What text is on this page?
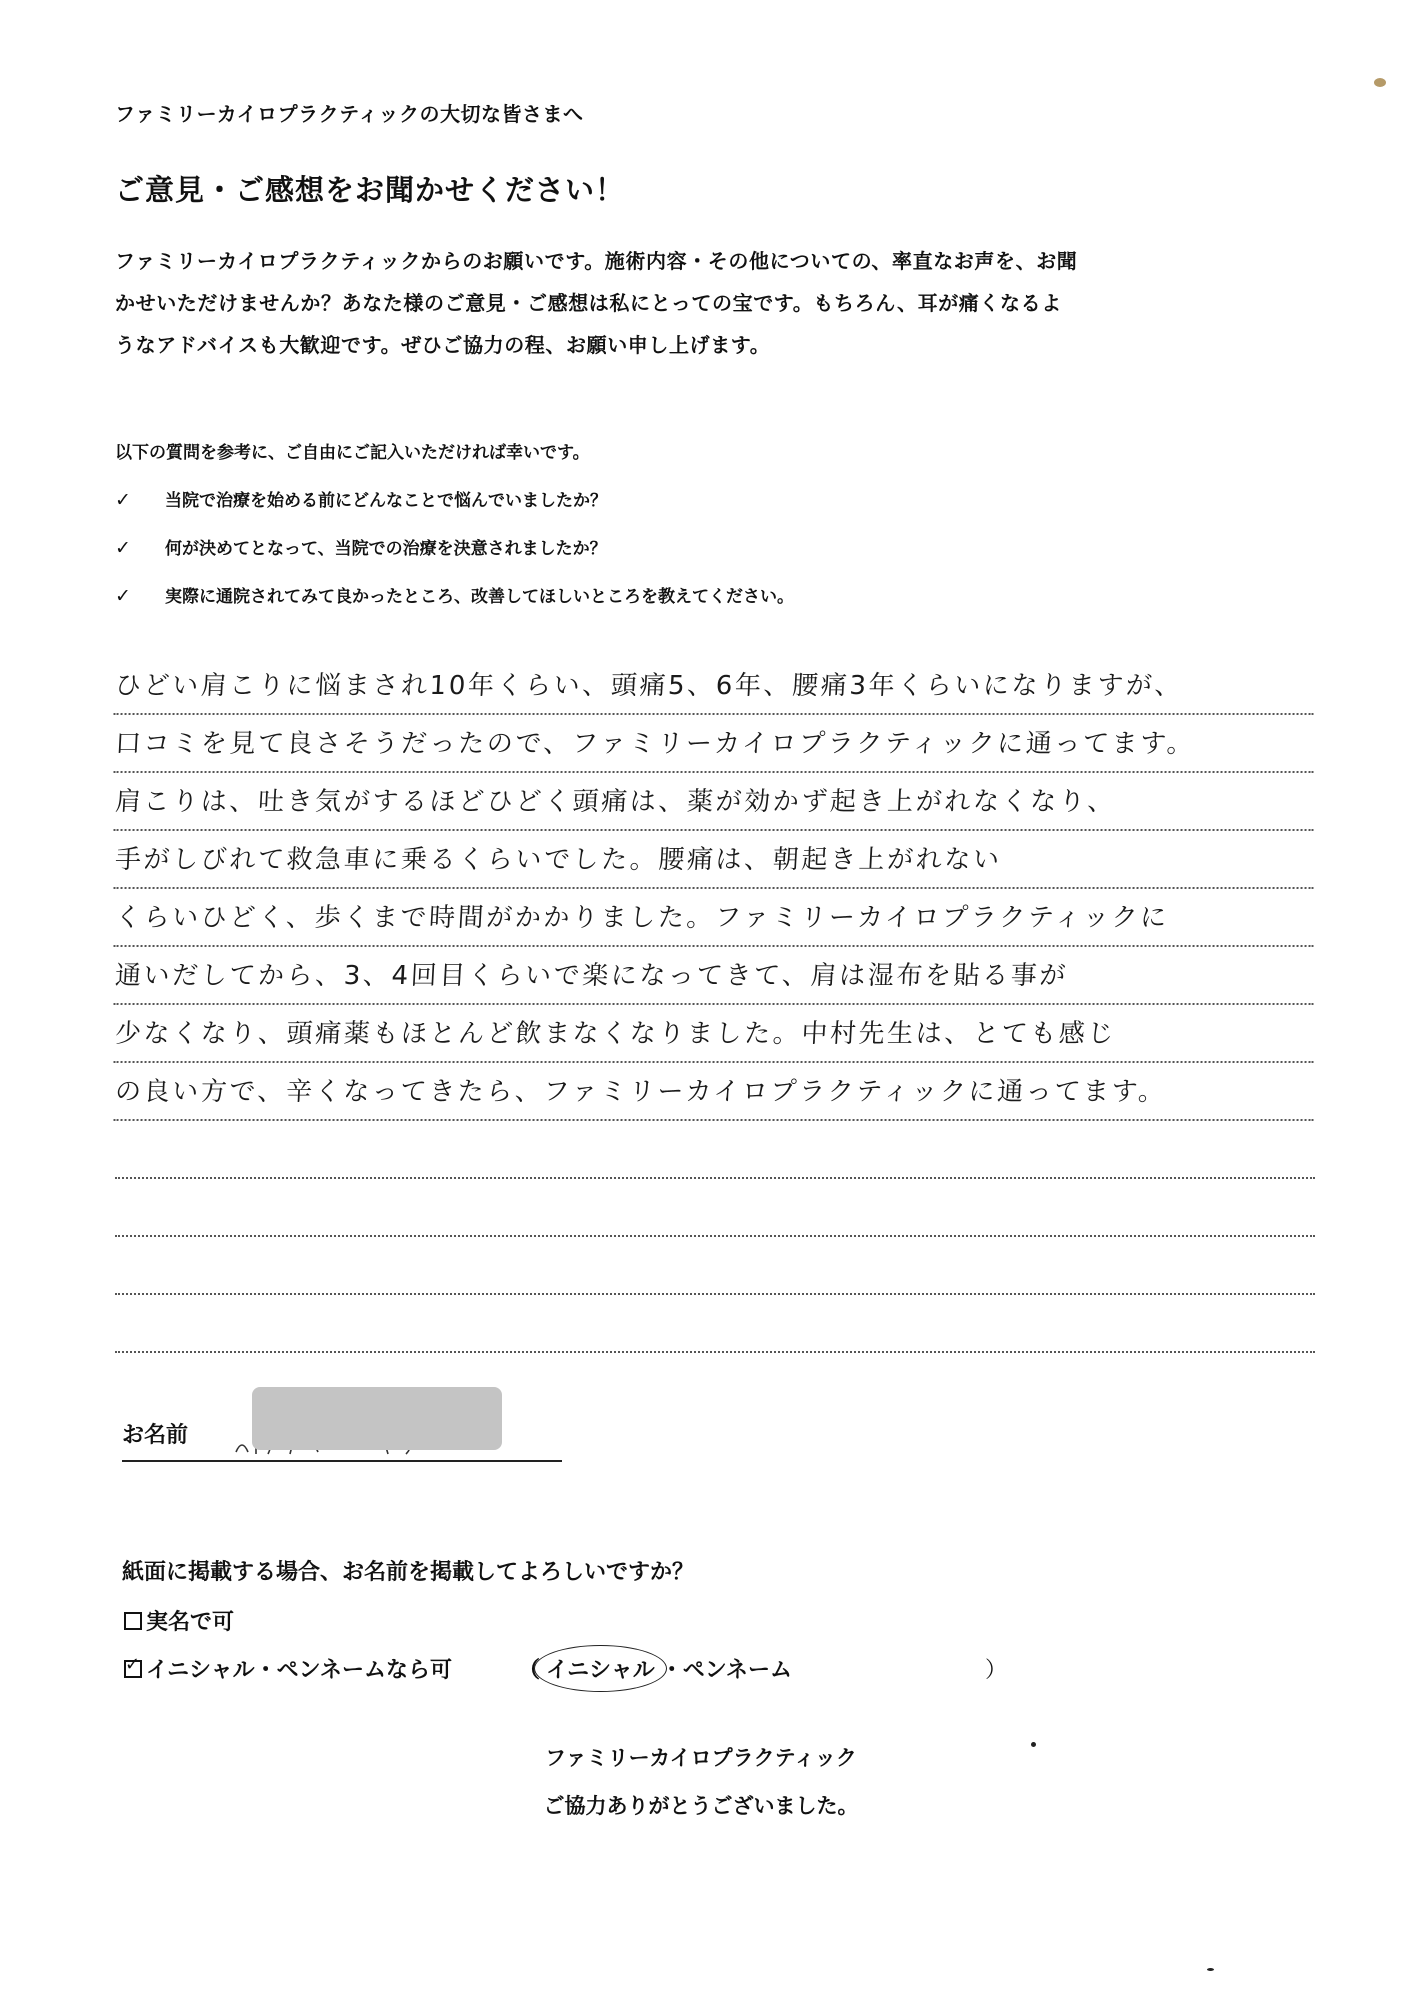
ファミリーカイロプラクティックの大切な皆さまへ
ご意見・ご感想をお聞かせください！
ファミリーカイロプラクティックからのお願いです。施術内容・その他についての、率直なお声を、お聞
かせいただけませんか？あなた様のご意見・ご感想は私にとっての宝です。もちろん、耳が痛くなるよ
うなアドバイスも大歓迎です。ぜひご協力の程、お願い申し上げます。
以下の質問を参考に、ご自由にご記入いただければ幸いです。
✓ 当院で治療を始める前にどんなことで悩んでいましたか？
✓ 何が決めてとなって、当院での治療を決意されましたか？
✓ 実際に通院されてみて良かったところ、改善してほしいところを教えてください。
ひどい肩こりに悩まされ10年くらい、頭痛5、6年、腰痛3年くらいになりますが、
口コミを見て良さそうだったので、ファミリーカイロプラクティックに通ってます。
肩こりは、吐き気がするほどひどく頭痛は、薬が効かず起き上がれなくなり、
手がしびれて救急車に乗るくらいでした。腰痛は、朝起き上がれない
くらいひどく、歩くまで時間がかかりました。ファミリーカイロプラクティックに
通いだしてから、3、4回目くらいで楽になってきて、肩は湿布を貼る事が
少なくなり、頭痛薬もほとんど飲まなくなりました。中村先生は、とても感じ
の良い方で、辛くなってきたら、ファミリーカイロプラクティックに通ってます。
お名前
紙面に掲載する場合、お名前を掲載してよろしいですか？
実名で可
✓ イニシャル・ペンネームなら可	（ イニシャル ・ペンネーム	）
ファミリーカイロプラクティック
ご協力ありがとうございました。
